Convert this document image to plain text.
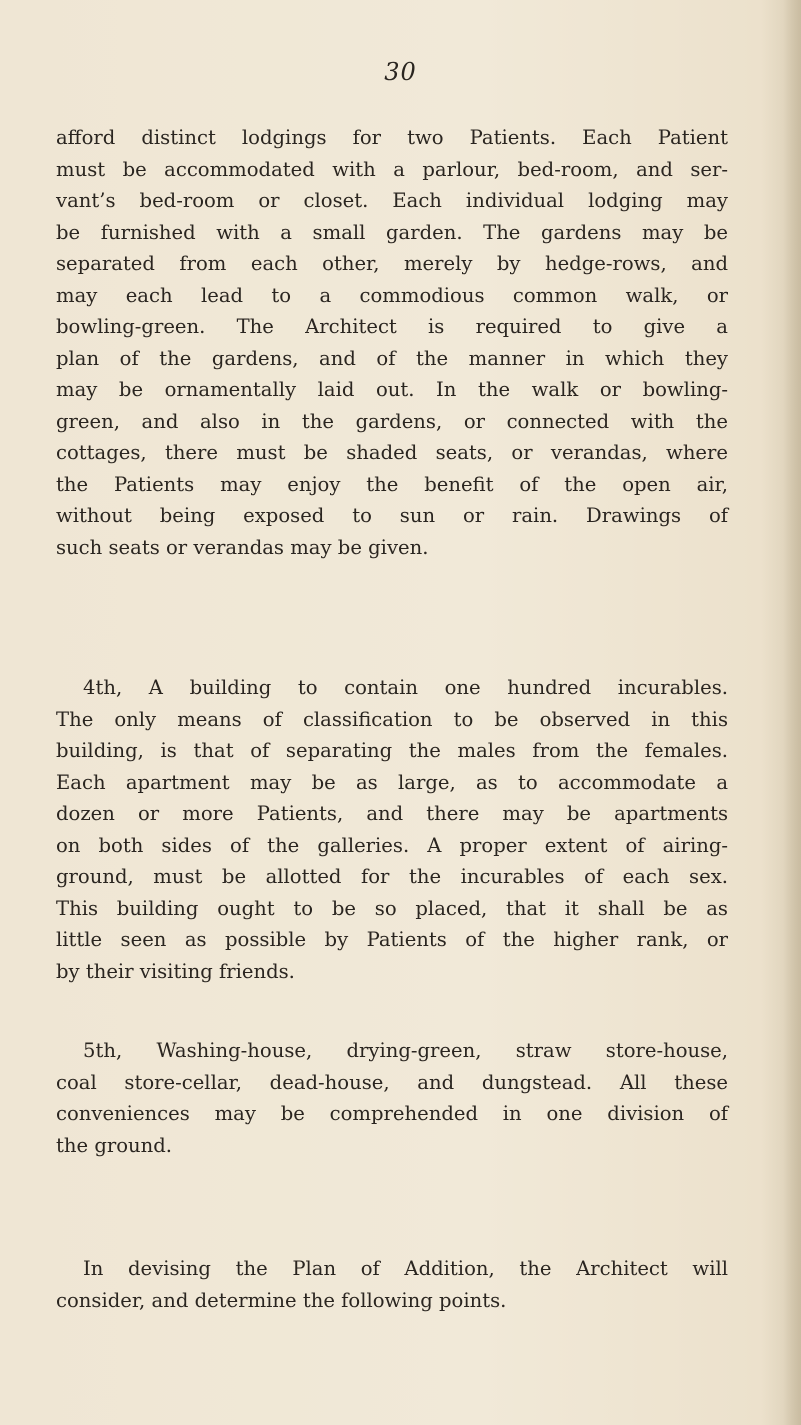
30
afford distinct lodgings for two Patients. Each Patient
must be accommodated with a parlour, bed-room, and ser-
vant’s bed-room or closet. Each individual lodging may
be furnished with a small garden. The gardens may be
separated from each other, merely by hedge-rows, and
may each lead to a commodious common walk, or
bowling-green. The Architect is required to give a
plan of the gardens, and of the manner in which they
may be ornamentally laid out. In the walk or bowling-
green, and also in the gardens, or connected with the
cottages, there must be shaded seats, or verandas, where
the Patients may enjoy the benefit of the open air,
without being exposed to sun or rain. Drawings of
such seats or verandas may be given.
4th, A building to contain one hundred incurables.
The only means of classification to be observed in this
building, is that of separating the males from the females.
Each apartment may be as large, as to accommodate a
dozen or more Patients, and there may be apartments
on both sides of the galleries. A proper extent of airing-
ground, must be allotted for the incurables of each sex.
This building ought to be so placed, that it shall be as
little seen as possible by Patients of the higher rank, or
by their visiting friends.
5th, Washing-house, drying-green, straw store-house,
coal store-cellar, dead-house, and dungstead. All these
conveniences may be comprehended in one division of
the ground.
In devising the Plan of Addition, the Architect will
consider, and determine the following points.
